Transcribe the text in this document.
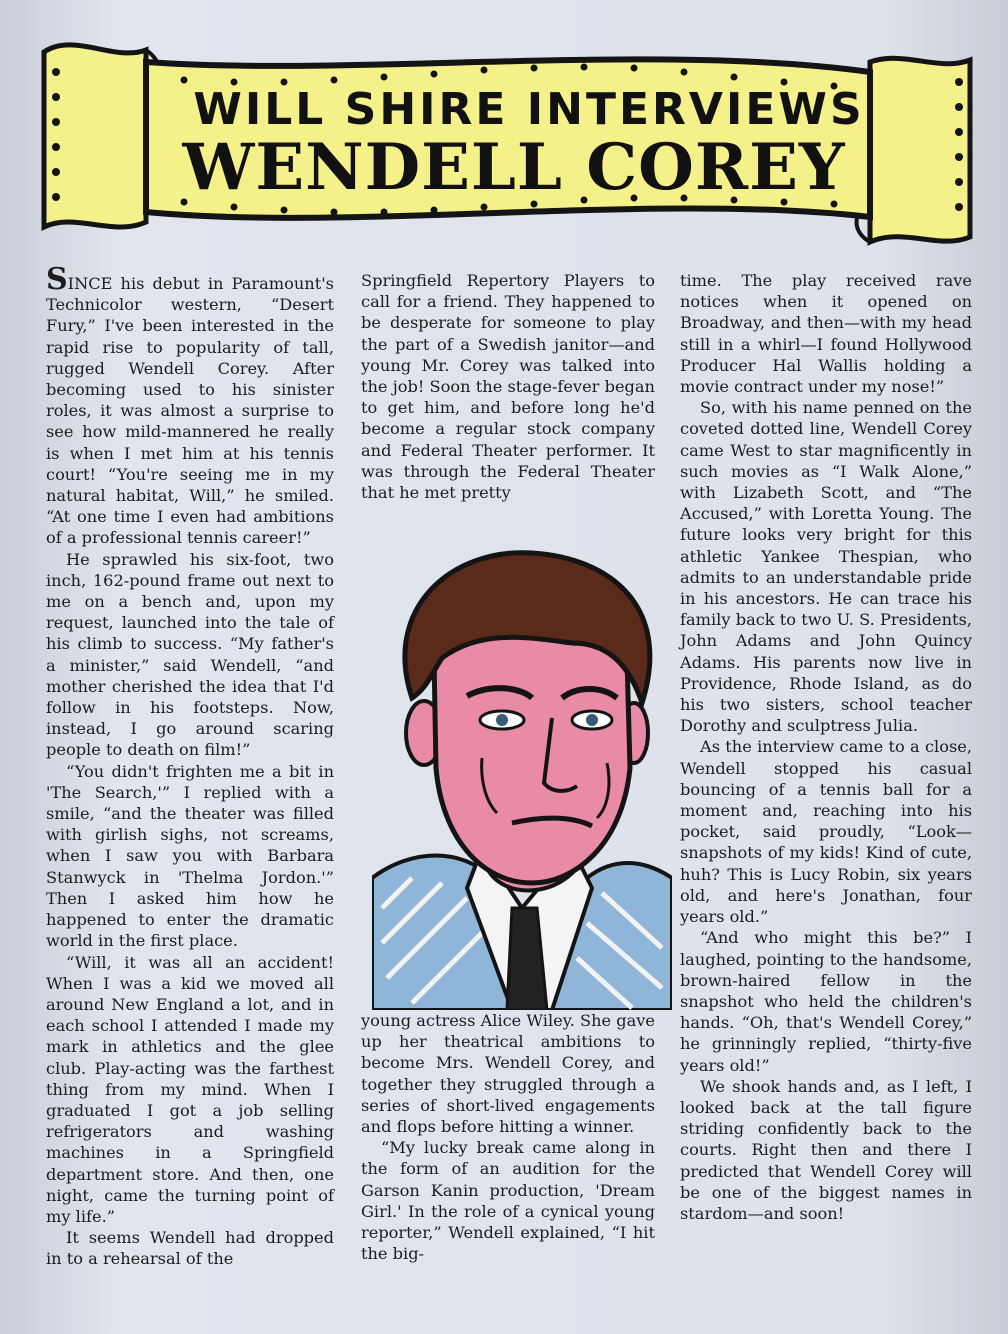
WILL SHIRE INTERVIEWS
WENDELL COREY

SINCE his debut in Paramount's Technicolor western, “Desert Fury,” I've been interested in the rapid rise to popularity of tall, rugged Wendell Corey. After becoming used to his sinister roles, it was almost a surprise to see how mild-mannered he really is when I met him at his tennis court! “You're seeing me in my natural habitat, Will,” he smiled. “At one time I even had ambitions of a professional tennis career!”

He sprawled his six-foot, two inch, 162-pound frame out next to me on a bench and, upon my request, launched into the tale of his climb to success. “My father's a minister,” said Wendell, “and mother cherished the idea that I'd follow in his footsteps. Now, instead, I go around scaring people to death on film!”

“You didn't frighten me a bit in 'The Search,'” I replied with a smile, “and the theater was filled with girlish sighs, not screams, when I saw you with Barbara Stanwyck in 'Thelma Jordon.'” Then I asked him how he happened to enter the dramatic world in the first place.

“Will, it was all an accident! When I was a kid we moved all around New England a lot, and in each school I attended I made my mark in athletics and the glee club. Play-acting was the farthest thing from my mind. When I graduated I got a job selling refrigerators and washing machines in a Springfield department store. And then, one night, came the turning point of my life.”

It seems Wendell had dropped in to a rehearsal of the

Springfield Repertory Players to call for a friend. They happened to be desperate for someone to play the part of a Swedish janitor—and young Mr. Corey was talked into the job! Soon the stage-fever began to get him, and before long he'd become a regular stock company and Federal Theater performer. It was through the Federal Theater that he met pretty

young actress Alice Wiley. She gave up her theatrical ambitions to become Mrs. Wendell Corey, and together they struggled through a series of short-lived engagements and flops before hitting a winner.

“My lucky break came along in the form of an audition for the Garson Kanin production, 'Dream Girl.' In the role of a cynical young reporter,” Wendell explained, “I hit the big-

time. The play received rave notices when it opened on Broadway, and then—with my head still in a whirl—I found Hollywood Producer Hal Wallis holding a movie contract under my nose!”

So, with his name penned on the coveted dotted line, Wendell Corey came West to star magnificently in such movies as “I Walk Alone,” with Lizabeth Scott, and “The Accused,” with Loretta Young. The future looks very bright for this athletic Yankee Thespian, who admits to an understandable pride in his ancestors. He can trace his family back to two U. S. Presidents, John Adams and John Quincy Adams. His parents now live in Providence, Rhode Island, as do his two sisters, school teacher Dorothy and sculptress Julia.

As the interview came to a close, Wendell stopped his casual bouncing of a tennis ball for a moment and, reaching into his pocket, said proudly, “Look—snapshots of my kids! Kind of cute, huh? This is Lucy Robin, six years old, and here's Jonathan, four years old.”

“And who might this be?” I laughed, pointing to the handsome, brown-haired fellow in the snapshot who held the children's hands. “Oh, that's Wendell Corey,” he grinningly replied, “thirty-five years old!”

We shook hands and, as I left, I looked back at the tall figure striding confidently back to the courts. Right then and there I predicted that Wendell Corey will be one of the biggest names in stardom—and soon!
